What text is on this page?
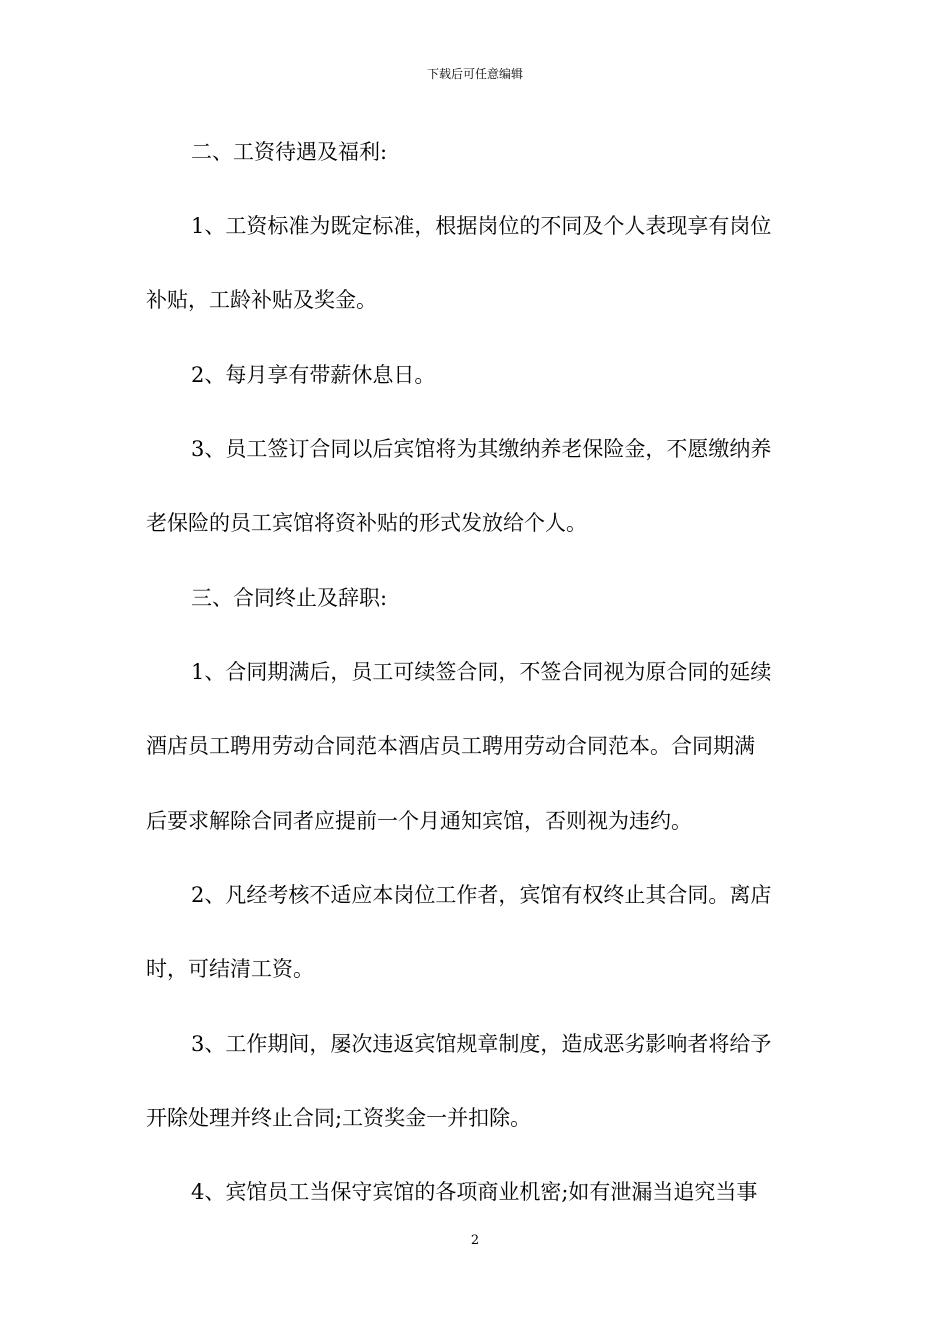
下载后可任意编辑
二、工资待遇及福利:
1、工资标准为既定标准，根据岗位的不同及个人表现享有岗位
补贴，工龄补贴及奖金。
2、每月享有带薪休息日。
3、员工签订合同以后宾馆将为其缴纳养老保险金，不愿缴纳养
老保险的员工宾馆将资补贴的形式发放给个人。
三、合同终止及辞职:
1、合同期满后，员工可续签合同，不签合同视为原合同的延续
酒店员工聘用劳动合同范本酒店员工聘用劳动合同范本。合同期满
后要求解除合同者应提前一个月通知宾馆，否则视为违约。
2、凡经考核不适应本岗位工作者，宾馆有权终止其合同。离店
时，可结清工资。
3、工作期间，屡次违返宾馆规章制度，造成恶劣影响者将给予
开除处理并终止合同;工资奖金一并扣除。
4、宾馆员工当保守宾馆的各项商业机密;如有泄漏当追究当事
2
